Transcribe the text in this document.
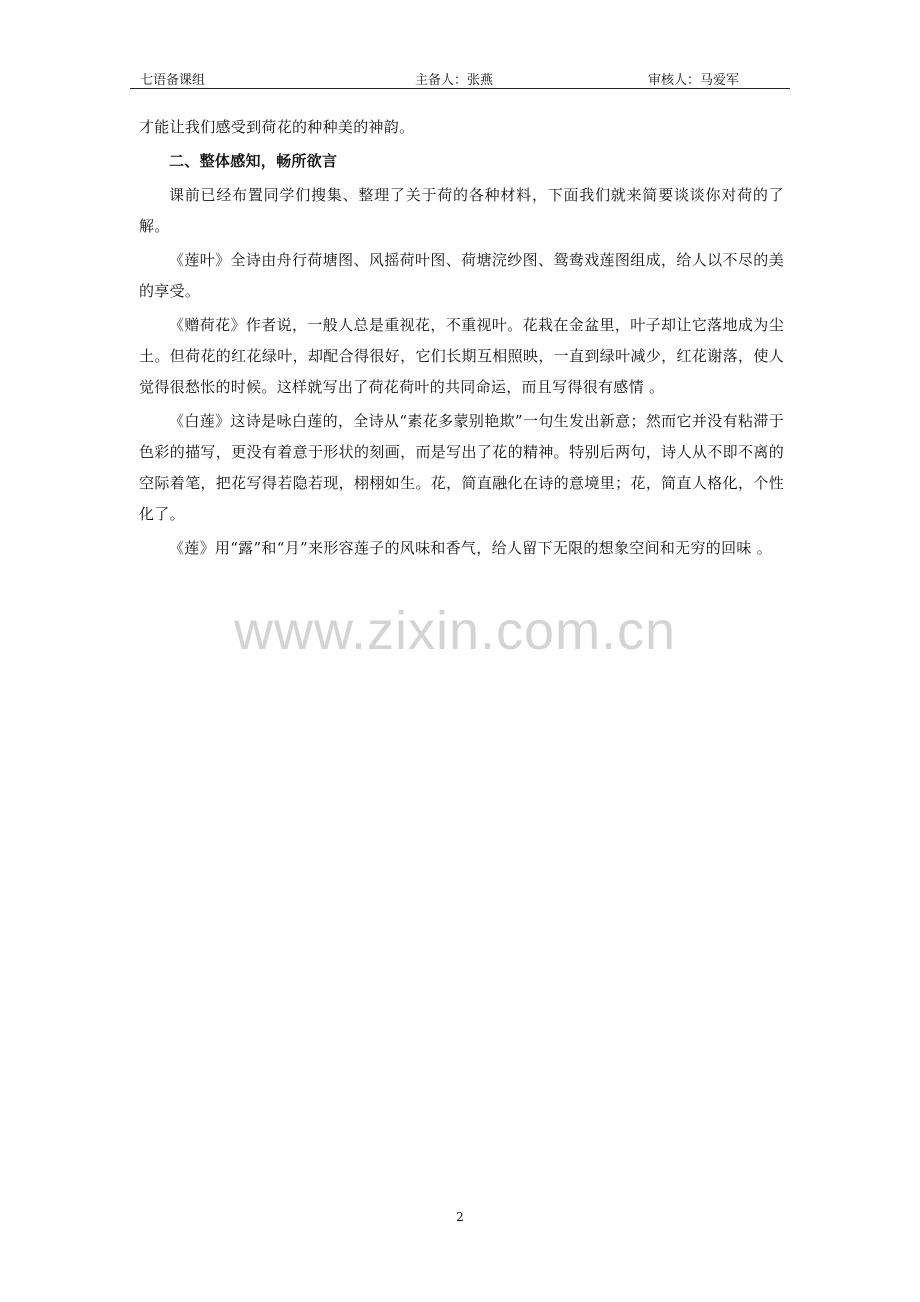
七语备课组	主备人：张燕	审核人：马爱军

才能让我们感受到荷花的种种美的神韵。

二、整体感知，畅所欲言

课前已经布置同学们搜集、整理了关于荷的各种材料，下面我们就来简要谈谈你对荷的了解。

《莲叶》全诗由舟行荷塘图、风摇荷叶图、荷塘浣纱图、鸳鸯戏莲图组成，给人以不尽的美的享受。

《赠荷花》作者说，一般人总是重视花，不重视叶。花栽在金盆里，叶子却让它落地成为尘土。但荷花的红花绿叶，却配合得很好，它们长期互相照映，一直到绿叶减少，红花谢落，使人觉得很愁怅的时候。这样就写出了荷花荷叶的共同命运，而且写得很有感情 。

《白莲》这诗是咏白莲的，全诗从“素花多蒙别艳欺”一句生发出新意；然而它并没有粘滞于色彩的描写，更没有着意于形状的刻画，而是写出了花的精神。特别后两句，诗人从不即不离的空际着笔，把花写得若隐若现，栩栩如生。花，简直融化在诗的意境里；花，简直人格化，个性化了。

《莲》用“露”和“月”来形容莲子的风味和香气，给人留下无限的想象空间和无穷的回味 。

www.zixin.com.cn
2
